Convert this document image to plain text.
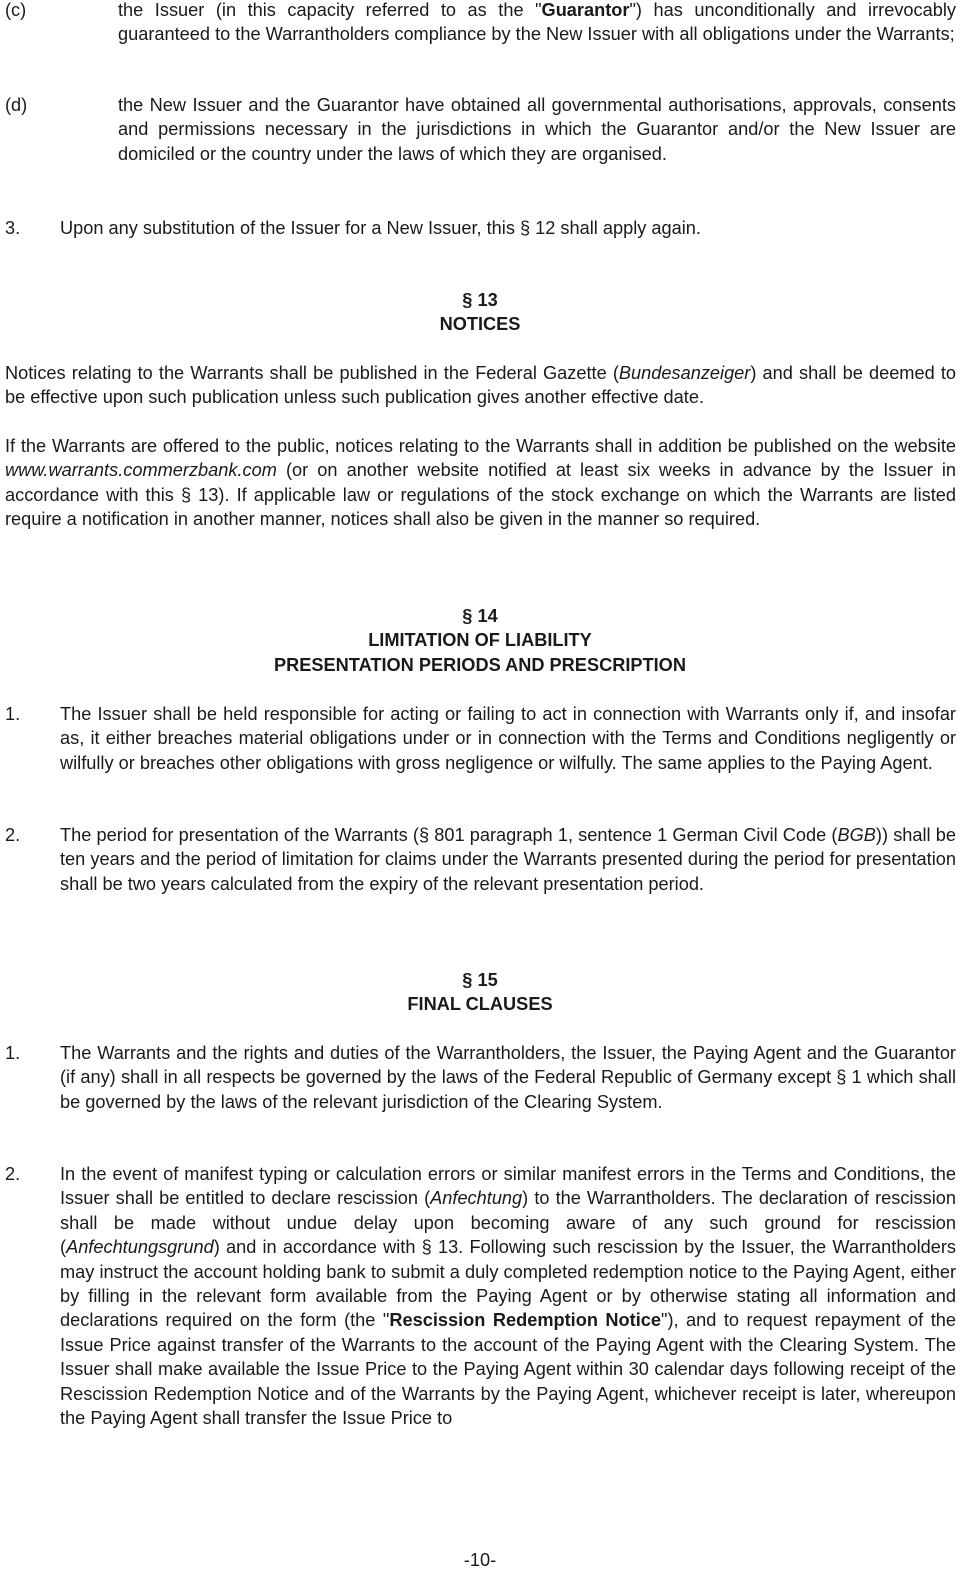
(c)	the Issuer (in this capacity referred to as the "Guarantor") has unconditionally and irrevocably guaranteed to the Warrantholders compliance by the New Issuer with all obligations under the Warrants;

(d)	the New Issuer and the Guarantor have obtained all governmental authorisations, approvals, consents and permissions necessary in the jurisdictions in which the Guarantor and/or the New Issuer are domiciled or the country under the laws of which they are organised.

3. Upon any substitution of the Issuer for a New Issuer, this § 12 shall apply again.

§ 13
NOTICES

Notices relating to the Warrants shall be published in the Federal Gazette (Bundesanzeiger) and shall be deemed to be effective upon such publication unless such publication gives another effective date.

If the Warrants are offered to the public, notices relating to the Warrants shall in addition be published on the website www.warrants.commerzbank.com (or on another website notified at least six weeks in advance by the Issuer in accordance with this § 13). If applicable law or regulations of the stock exchange on which the Warrants are listed require a notification in another manner, notices shall also be given in the manner so required.

§ 14
LIMITATION OF LIABILITY
PRESENTATION PERIODS AND PRESCRIPTION
1. The Issuer shall be held responsible for acting or failing to act in connection with Warrants only if, and insofar as, it either breaches material obligations under or in connection with the Terms and Conditions negligently or wilfully or breaches other obligations with gross negligence or wilfully. The same applies to the Paying Agent.

2. The period for presentation of the Warrants (§ 801 paragraph 1, sentence 1 German Civil Code (BGB)) shall be ten years and the period of limitation for claims under the Warrants presented during the period for presentation shall be two years calculated from the expiry of the relevant presentation period.

§ 15
FINAL CLAUSES
1. The Warrants and the rights and duties of the Warrantholders, the Issuer, the Paying Agent and the Guarantor (if any) shall in all respects be governed by the laws of the Federal Republic of Germany except § 1 which shall be governed by the laws of the relevant jurisdiction of the Clearing System.

2. In the event of manifest typing or calculation errors or similar manifest errors in the Terms and Conditions, the Issuer shall be entitled to declare rescission (Anfechtung) to the Warrantholders. The declaration of rescission shall be made without undue delay upon becoming aware of any such ground for rescission (Anfechtungsgrund) and in accordance with § 13. Following such rescission by the Issuer, the Warrantholders may instruct the account holding bank to submit a duly completed redemption notice to the Paying Agent, either by filling in the relevant form available from the Paying Agent or by otherwise stating all information and declarations required on the form (the "Rescission Redemption Notice"), and to request repayment of the Issue Price against transfer of the Warrants to the account of the Paying Agent with the Clearing System. The Issuer shall make available the Issue Price to the Paying Agent within 30 calendar days following receipt of the Rescission Redemption Notice and of the Warrants by the Paying Agent, whichever receipt is later, whereupon the Paying Agent shall transfer the Issue Price to

-10-
